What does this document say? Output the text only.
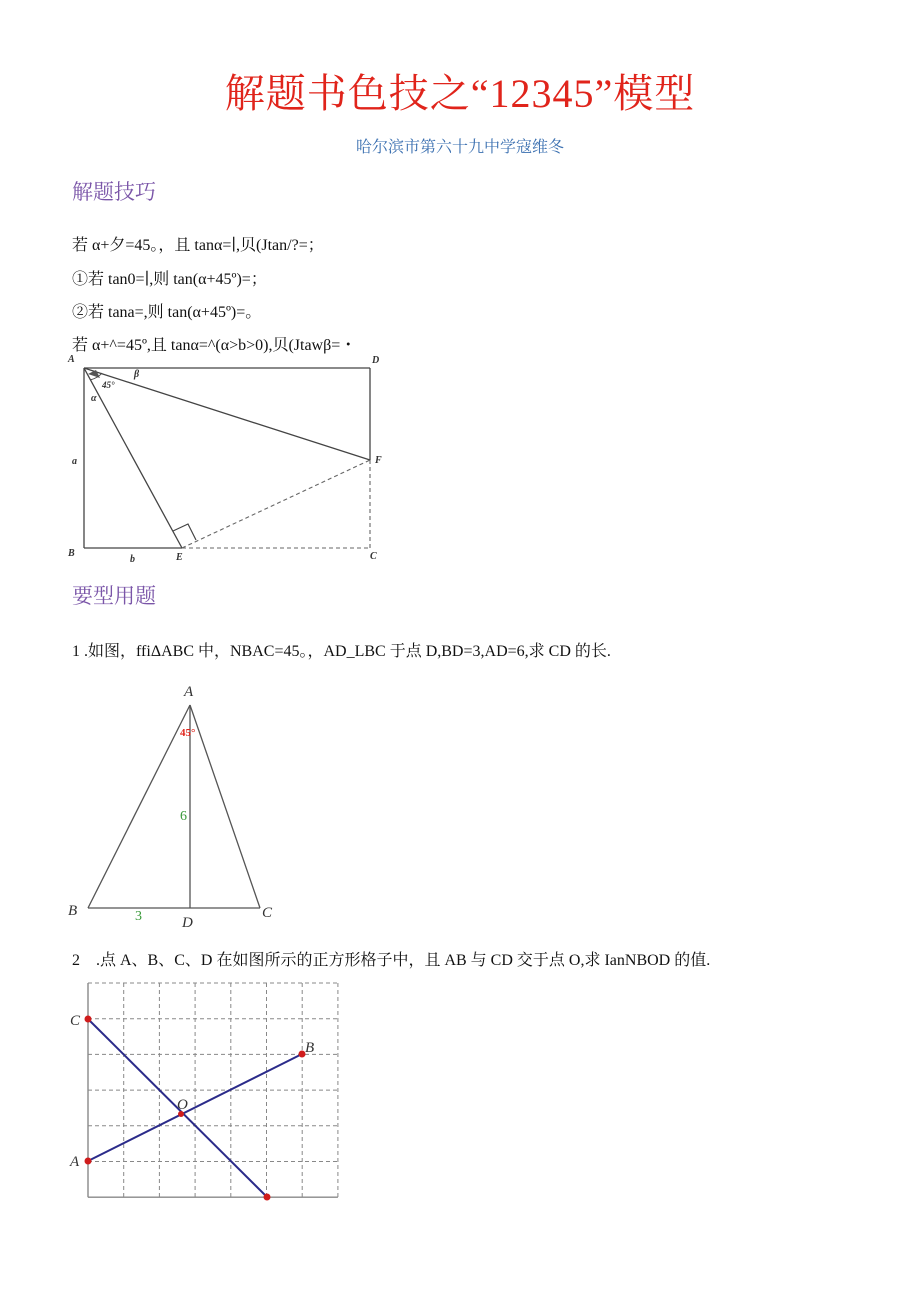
解题书色技之“12345”模型
哈尔滨市第六十九中学寇维冬
解题技巧
若 α+夕=45。，且 tanα=∣,贝(Jtan/?=；
①若 tan0=∣,则 tan(α+45º)=；
②若 tana=,则 tan(α+45º)=。
若 α+^=45º,且 tanα=^(α>b>0),贝(Jtawβ=・
A	D
F
B	E	C
a
b
α
β
45°
要型用题
1 .如图，ffiΔABC 中，NBAC=45。，AD_LBC 于点 D,BD=3,AD=6,求 CD 的长.
A
B	C
D
45°
6
3
2　.点 A、B、C、D 在如图所示的正方形格子中，且 AB 与 CD 交于点 O,求 IanNBOD 的值.
A
B
C
O
